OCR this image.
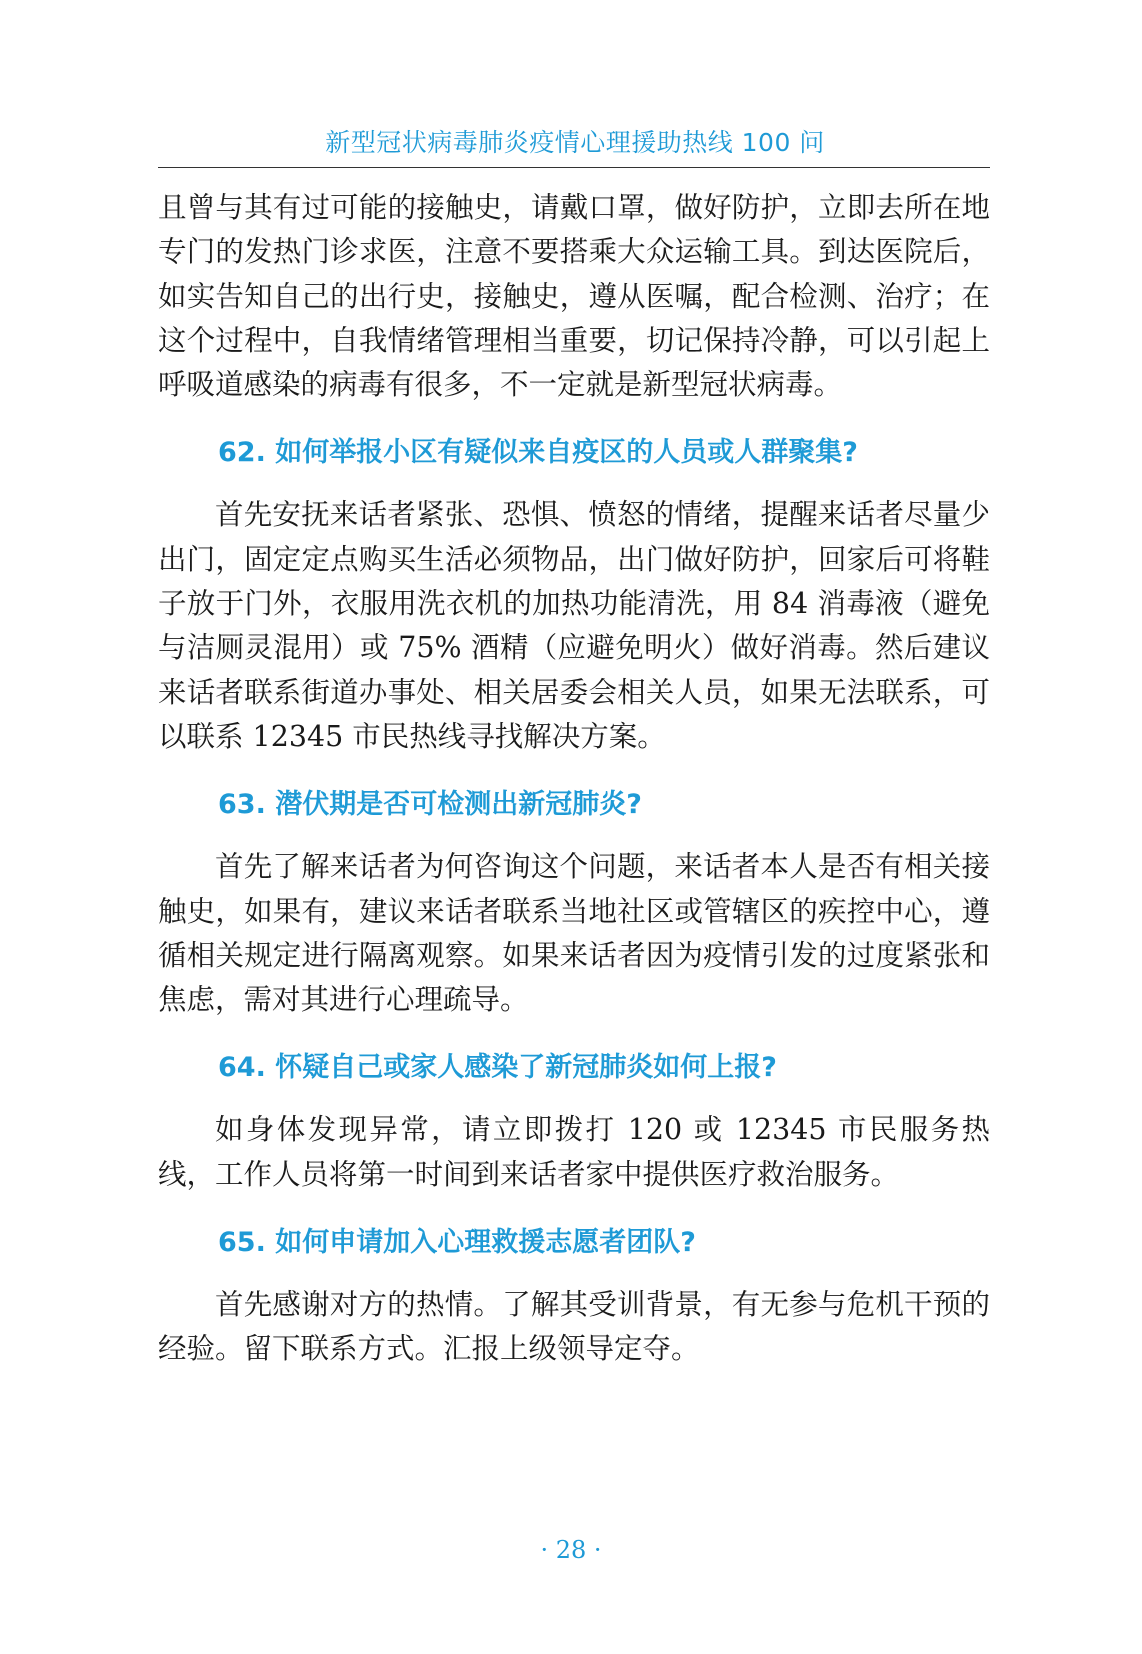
新型冠状病毒肺炎疫情心理援助热线 100 问

且曾与其有过可能的接触史，请戴口罩，做好防护，立即去所在地专门的发热门诊求医，注意不要搭乘大众运输工具。到达医院后，如实告知自己的出行史，接触史，遵从医嘱，配合检测、治疗；在这个过程中，自我情绪管理相当重要，切记保持冷静，可以引起上呼吸道感染的病毒有很多，不一定就是新型冠状病毒。

62. 如何举报小区有疑似来自疫区的人员或人群聚集?

首先安抚来话者紧张、恐惧、愤怒的情绪，提醒来话者尽量少出门，固定定点购买生活必须物品，出门做好防护，回家后可将鞋子放于门外，衣服用洗衣机的加热功能清洗，用 84 消毒液（避免与洁厕灵混用）或 75% 酒精（应避免明火）做好消毒。然后建议来话者联系街道办事处、相关居委会相关人员，如果无法联系，可以联系 12345 市民热线寻找解决方案。

63. 潜伏期是否可检测出新冠肺炎?

首先了解来话者为何咨询这个问题，来话者本人是否有相关接触史，如果有，建议来话者联系当地社区或管辖区的疾控中心，遵循相关规定进行隔离观察。如果来话者因为疫情引发的过度紧张和焦虑，需对其进行心理疏导。

64. 怀疑自己或家人感染了新冠肺炎如何上报?

如身体发现异常，请立即拨打 120 或 12345 市民服务热线，工作人员将第一时间到来话者家中提供医疗救治服务。

65. 如何申请加入心理救援志愿者团队?

首先感谢对方的热情。了解其受训背景，有无参与危机干预的经验。留下联系方式。汇报上级领导定夺。

· 28 ·
